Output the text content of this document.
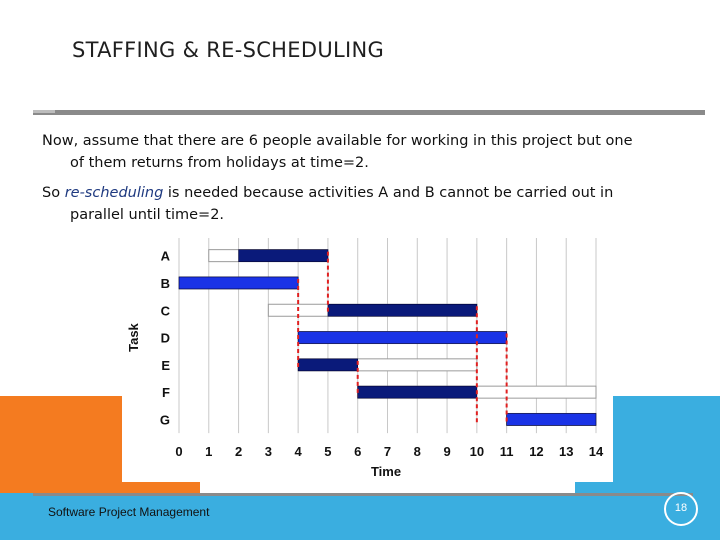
STAFFING & RE-SCHEDULING
Now, assume that there are 6 people available for working in this project but one
of them returns from holidays at time=2.
So re-scheduling is needed because activities A and B cannot be carried out in
parallel until time=2.
A
B
C
D
E
F
G
0 1 2 3 4 5 6 7 8 9 10 11 12 13 14
Time
Task
Software Project Management	18
